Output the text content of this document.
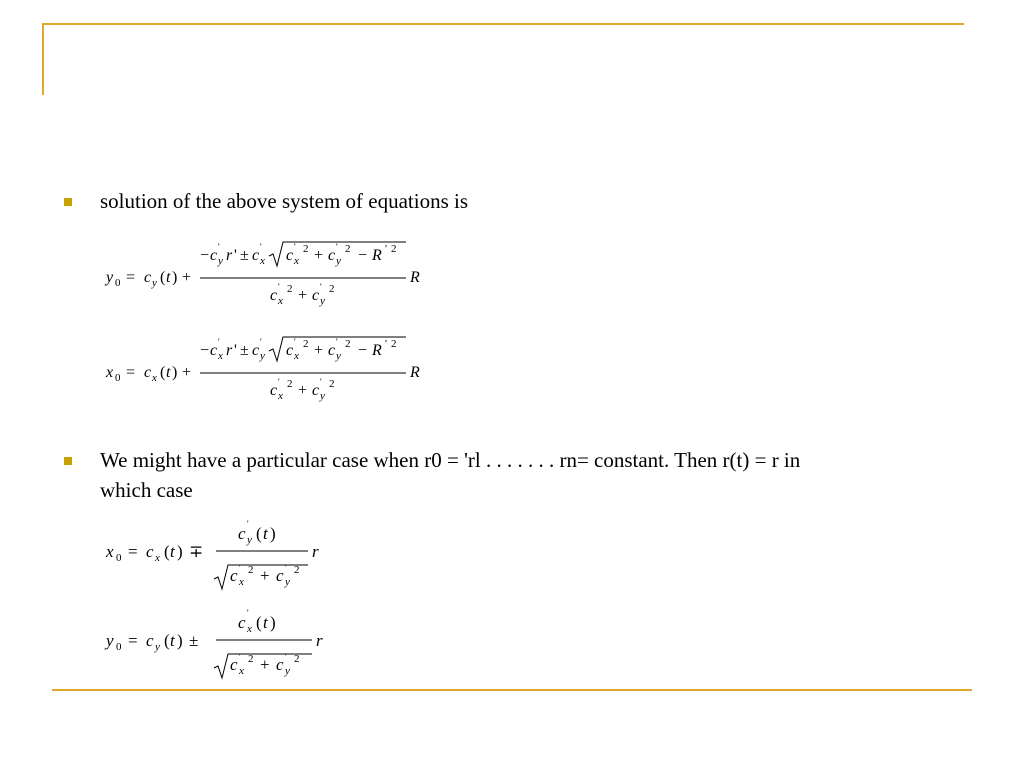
solution of the above system of equations is
y 0 = c y ( t ) +
− c '
y r ' ± c '
x c '
x
2 + c '
y
2 − R ' 2
c '
x
2 + c '
y
2
R
x 0 = c x ( t ) +
− c '
x r ' ± c '
y c '
x
2 + c '
y
2 − R ' 2
c '
x
2 + c '
y
2
R
We might have a particular case when r0 = 'rl . . . . . . . rn= constant. Then r(t) = r in
which case
x 0 = c x ( t ) ∓
c '
y ( t )
c '
x
2 + c '
y
2
r
y 0 = c y ( t ) ±
c '
x ( t )
c '
x
2 + c '
y
2
r
